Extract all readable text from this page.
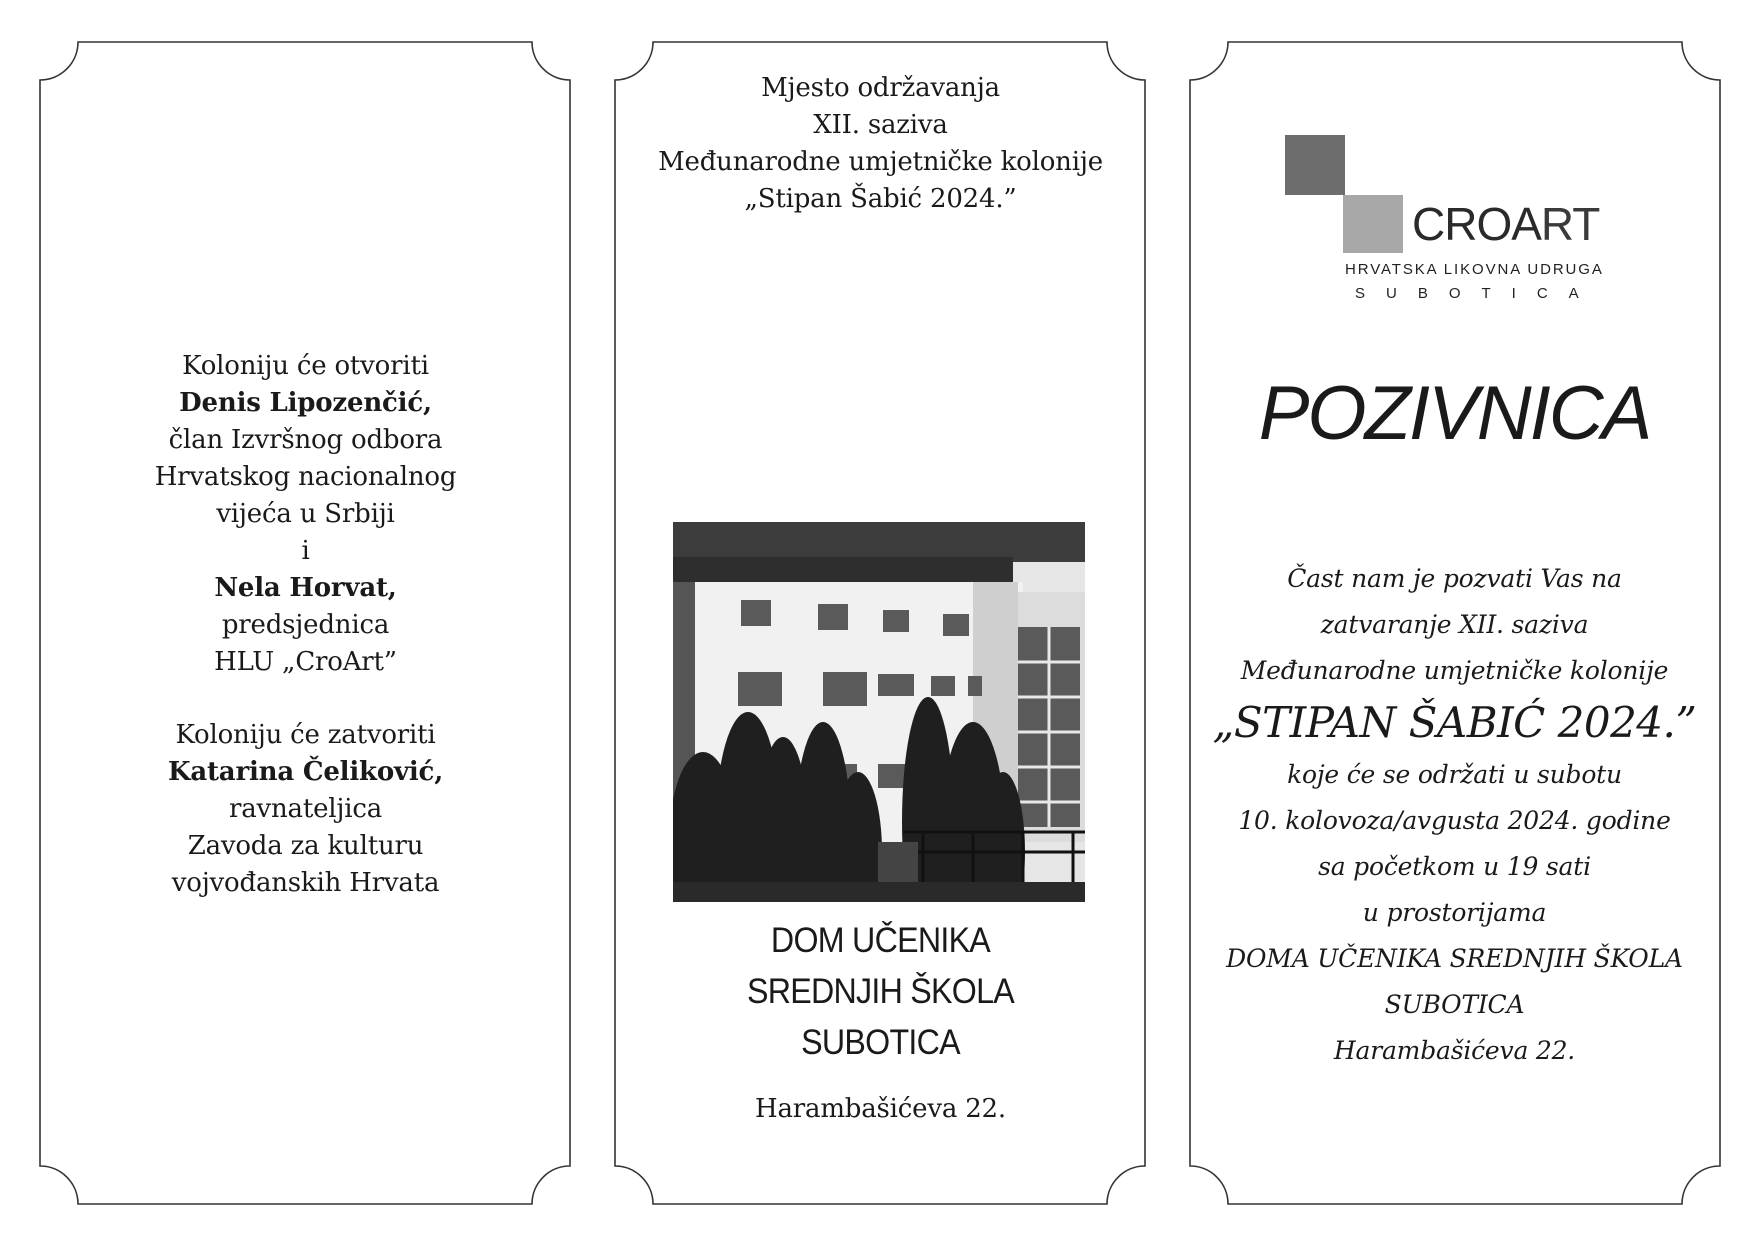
Koloniju će otvoriti
Denis Lipozenčić,
član Izvršnog odbora
Hrvatskog nacionalnog
vijeća u Srbiji
i
Nela Horvat,
predsjednica
HLU „CroArt”
Koloniju će zatvoriti
Katarina Čeliković,
ravnateljica
Zavoda za kulturu
vojvođanskih Hrvata
Mjesto održavanja
XII. saziva
Međunarodne umjetničke kolonije
„Stipan Šabić 2024.”
DOM UČENIKA
SREDNJIH ŠKOLA
SUBOTICA
Harambašićeva 22.
CROART
HRVATSKA LIKOVNA UDRUGA
SUBOTICA
POZIVNICA
Čast nam je pozvati Vas na
zatvaranje XII. saziva
Međunarodne umjetničke kolonije
„STIPAN ŠABIĆ 2024.”
koje će se održati u subotu
10. kolovoza/avgusta 2024. godine
sa početkom u 19 sati
u prostorijama
DOMA UČENIKA SREDNJIH ŠKOLA
SUBOTICA
Harambašićeva 22.
